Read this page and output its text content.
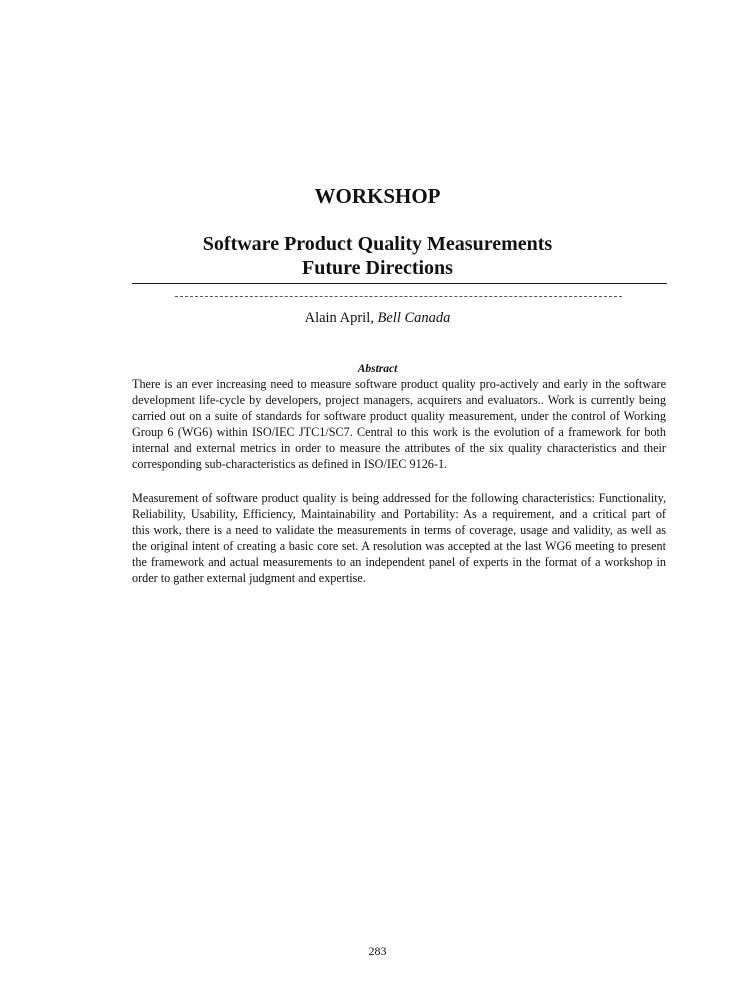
WORKSHOP
Software Product Quality Measurements
Future Directions
Alain April, Bell Canada
Abstract
There is an ever increasing need to measure software product quality pro-actively and early in the software
development life-cycle by developers, project managers, acquirers and evaluators.. Work is currently being
carried out on a suite of standards for software product quality measurement, under the control of Working
Group 6 (WG6) within ISO/IEC JTC1/SC7. Central to this work is the evolution of a framework for both
internal and external metrics in order to measure the attributes of the six quality characteristics and their
corresponding sub-characteristics as defined in ISO/IEC 9126-1.
Measurement of software product quality is being addressed for the following characteristics: Functionality,
Reliability, Usability, Efficiency, Maintainability and Portability: As a requirement, and a critical part of
this work, there is a need to validate the measurements in terms of coverage, usage and validity, as well as
the original intent of creating a basic core set. A resolution was accepted at the last WG6 meeting to present
the framework and actual measurements to an independent panel of experts in the format of a workshop in
order to gather external judgment and expertise.
283
